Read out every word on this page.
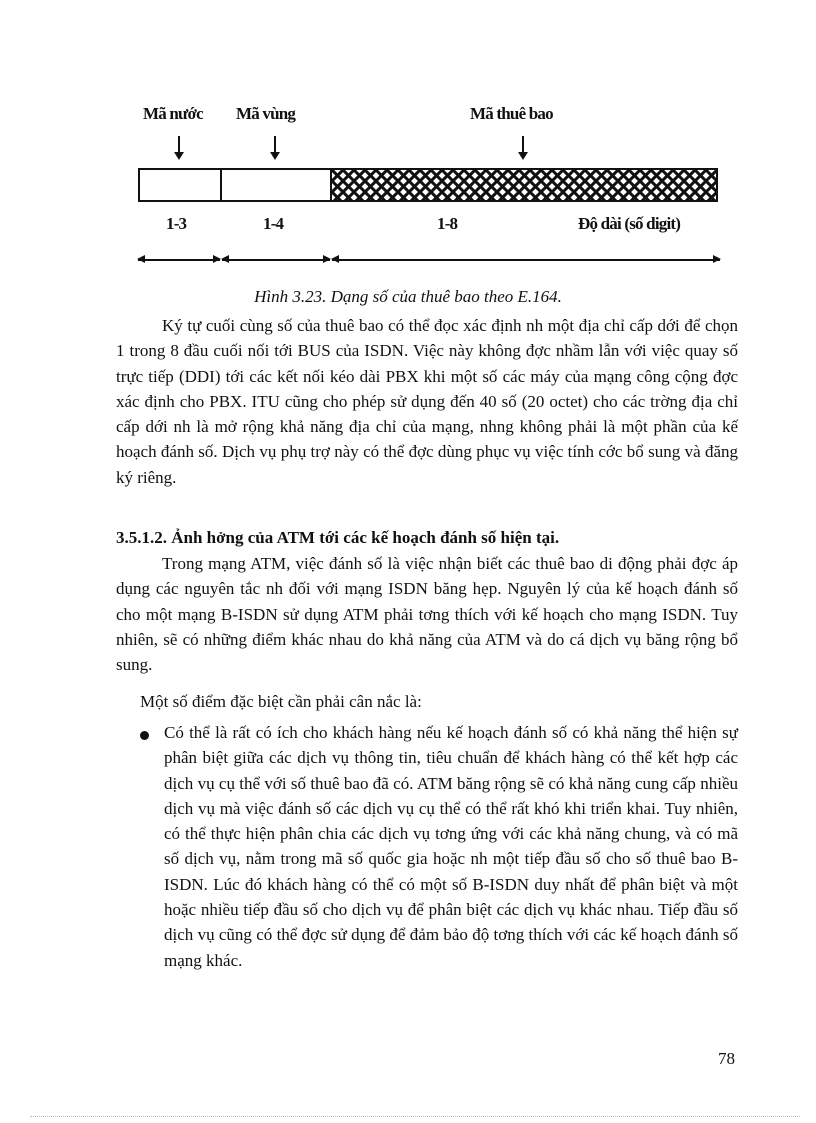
Mã nước Mã vùng	Mã thuê bao
1-3	1-4	1-8	Độ dài (số digit)
Hình 3.23. Dạng số của thuê bao theo E.164.

Ký tự cuối cùng số của thuê bao có thể đọc xác định nh một địa chỉ cấp dới để chọn 1 trong 8 đầu cuối nối tới BUS của ISDN. Việc này không đợc nhầm lẫn với việc quay số trực tiếp (DDI) tới các kết nối kéo dài PBX khi một số các máy của mạng công cộng đợc xác định cho PBX. ITU cũng cho phép sử dụng đến 40 số (20 octet) cho các trờng địa chỉ cấp dới nh là mở rộng khả năng địa chỉ của mạng, nhng không phải là một phần của kế hoạch đánh số. Dịch vụ phụ trợ này có thể đợc dùng phục vụ việc tính cớc bổ sung và đăng ký riêng.

3.5.1.2. Ảnh hởng của ATM tới các kế hoạch đánh số hiện tại.

Trong mạng ATM, việc đánh số là việc nhận biết các thuê bao di động phải đợc áp dụng các nguyên tắc nh đối với mạng ISDN băng hẹp. Nguyên lý của kế hoạch đánh số cho một mạng B-ISDN sử dụng ATM phải tơng thích với kế hoạch cho mạng ISDN. Tuy nhiên, sẽ có những điểm khác nhau do khả năng của ATM và do cá dịch vụ băng rộng bổ sung.

Một số điểm đặc biệt cần phải cân nắc là:

Có thể là rất có ích cho khách hàng nếu kế hoạch đánh số có khả năng thể hiện sự phân biệt giữa các dịch vụ thông tin, tiêu chuẩn để khách hàng có thể kết hợp các dịch vụ cụ thể với số thuê bao đã có. ATM băng rộng sẽ có khả năng cung cấp nhiều dịch vụ mà việc đánh số các dịch vụ cụ thể có thể rất khó khi triển khai. Tuy nhiên, có thể thực hiện phân chia các dịch vụ tơng ứng với các khả năng chung, và có mã số dịch vụ, nằm trong mã số quốc gia hoặc nh một tiếp đầu số cho số thuê bao B-ISDN. Lúc đó khách hàng có thể có một số B-ISDN duy nhất để phân biệt và một hoặc nhiều tiếp đầu số cho dịch vụ để phân biệt các dịch vụ khác nhau. Tiếp đầu số dịch vụ cũng có thể đợc sử dụng để đảm bảo độ tơng thích với các kế hoạch đánh số mạng khác.

78
